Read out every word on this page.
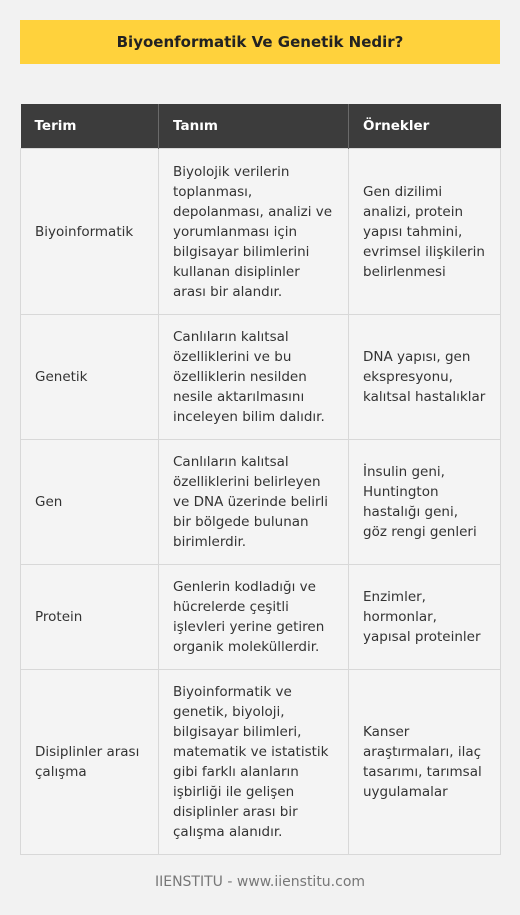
Biyoenformatik Ve Genetik Nedir?
Terim	Tanım	Örnekler
Biyoinformatik	Biyolojik verilerin toplanması, depolanması, analizi ve yorumlanması için bilgisayar bilimlerini kullanan disiplinler arası bir alandır.	Gen dizilimi analizi, protein yapısı tahmini, evrimsel ilişkilerin belirlenmesi
Genetik	Canlıların kalıtsal özelliklerini ve bu özelliklerin nesilden nesile aktarılmasını inceleyen bilim dalıdır.	DNA yapısı, gen ekspresyonu, kalıtsal hastalıklar
Gen	Canlıların kalıtsal özelliklerini belirleyen ve DNA üzerinde belirli bir bölgede bulunan birimlerdir.	İnsulin geni, Huntington hastalığı geni, göz rengi genleri
Protein	Genlerin kodladığı ve hücrelerde çeşitli işlevleri yerine getiren organik moleküllerdir.	Enzimler, hormonlar, yapısal proteinler
Disiplinler arası çalışma	Biyoinformatik ve genetik, biyoloji, bilgisayar bilimleri, matematik ve istatistik gibi farklı alanların işbirliği ile gelişen disiplinler arası bir çalışma alanıdır.	Kanser araştırmaları, ilaç tasarımı, tarımsal uygulamalar
IIENSTITU - www.iienstitu.com
